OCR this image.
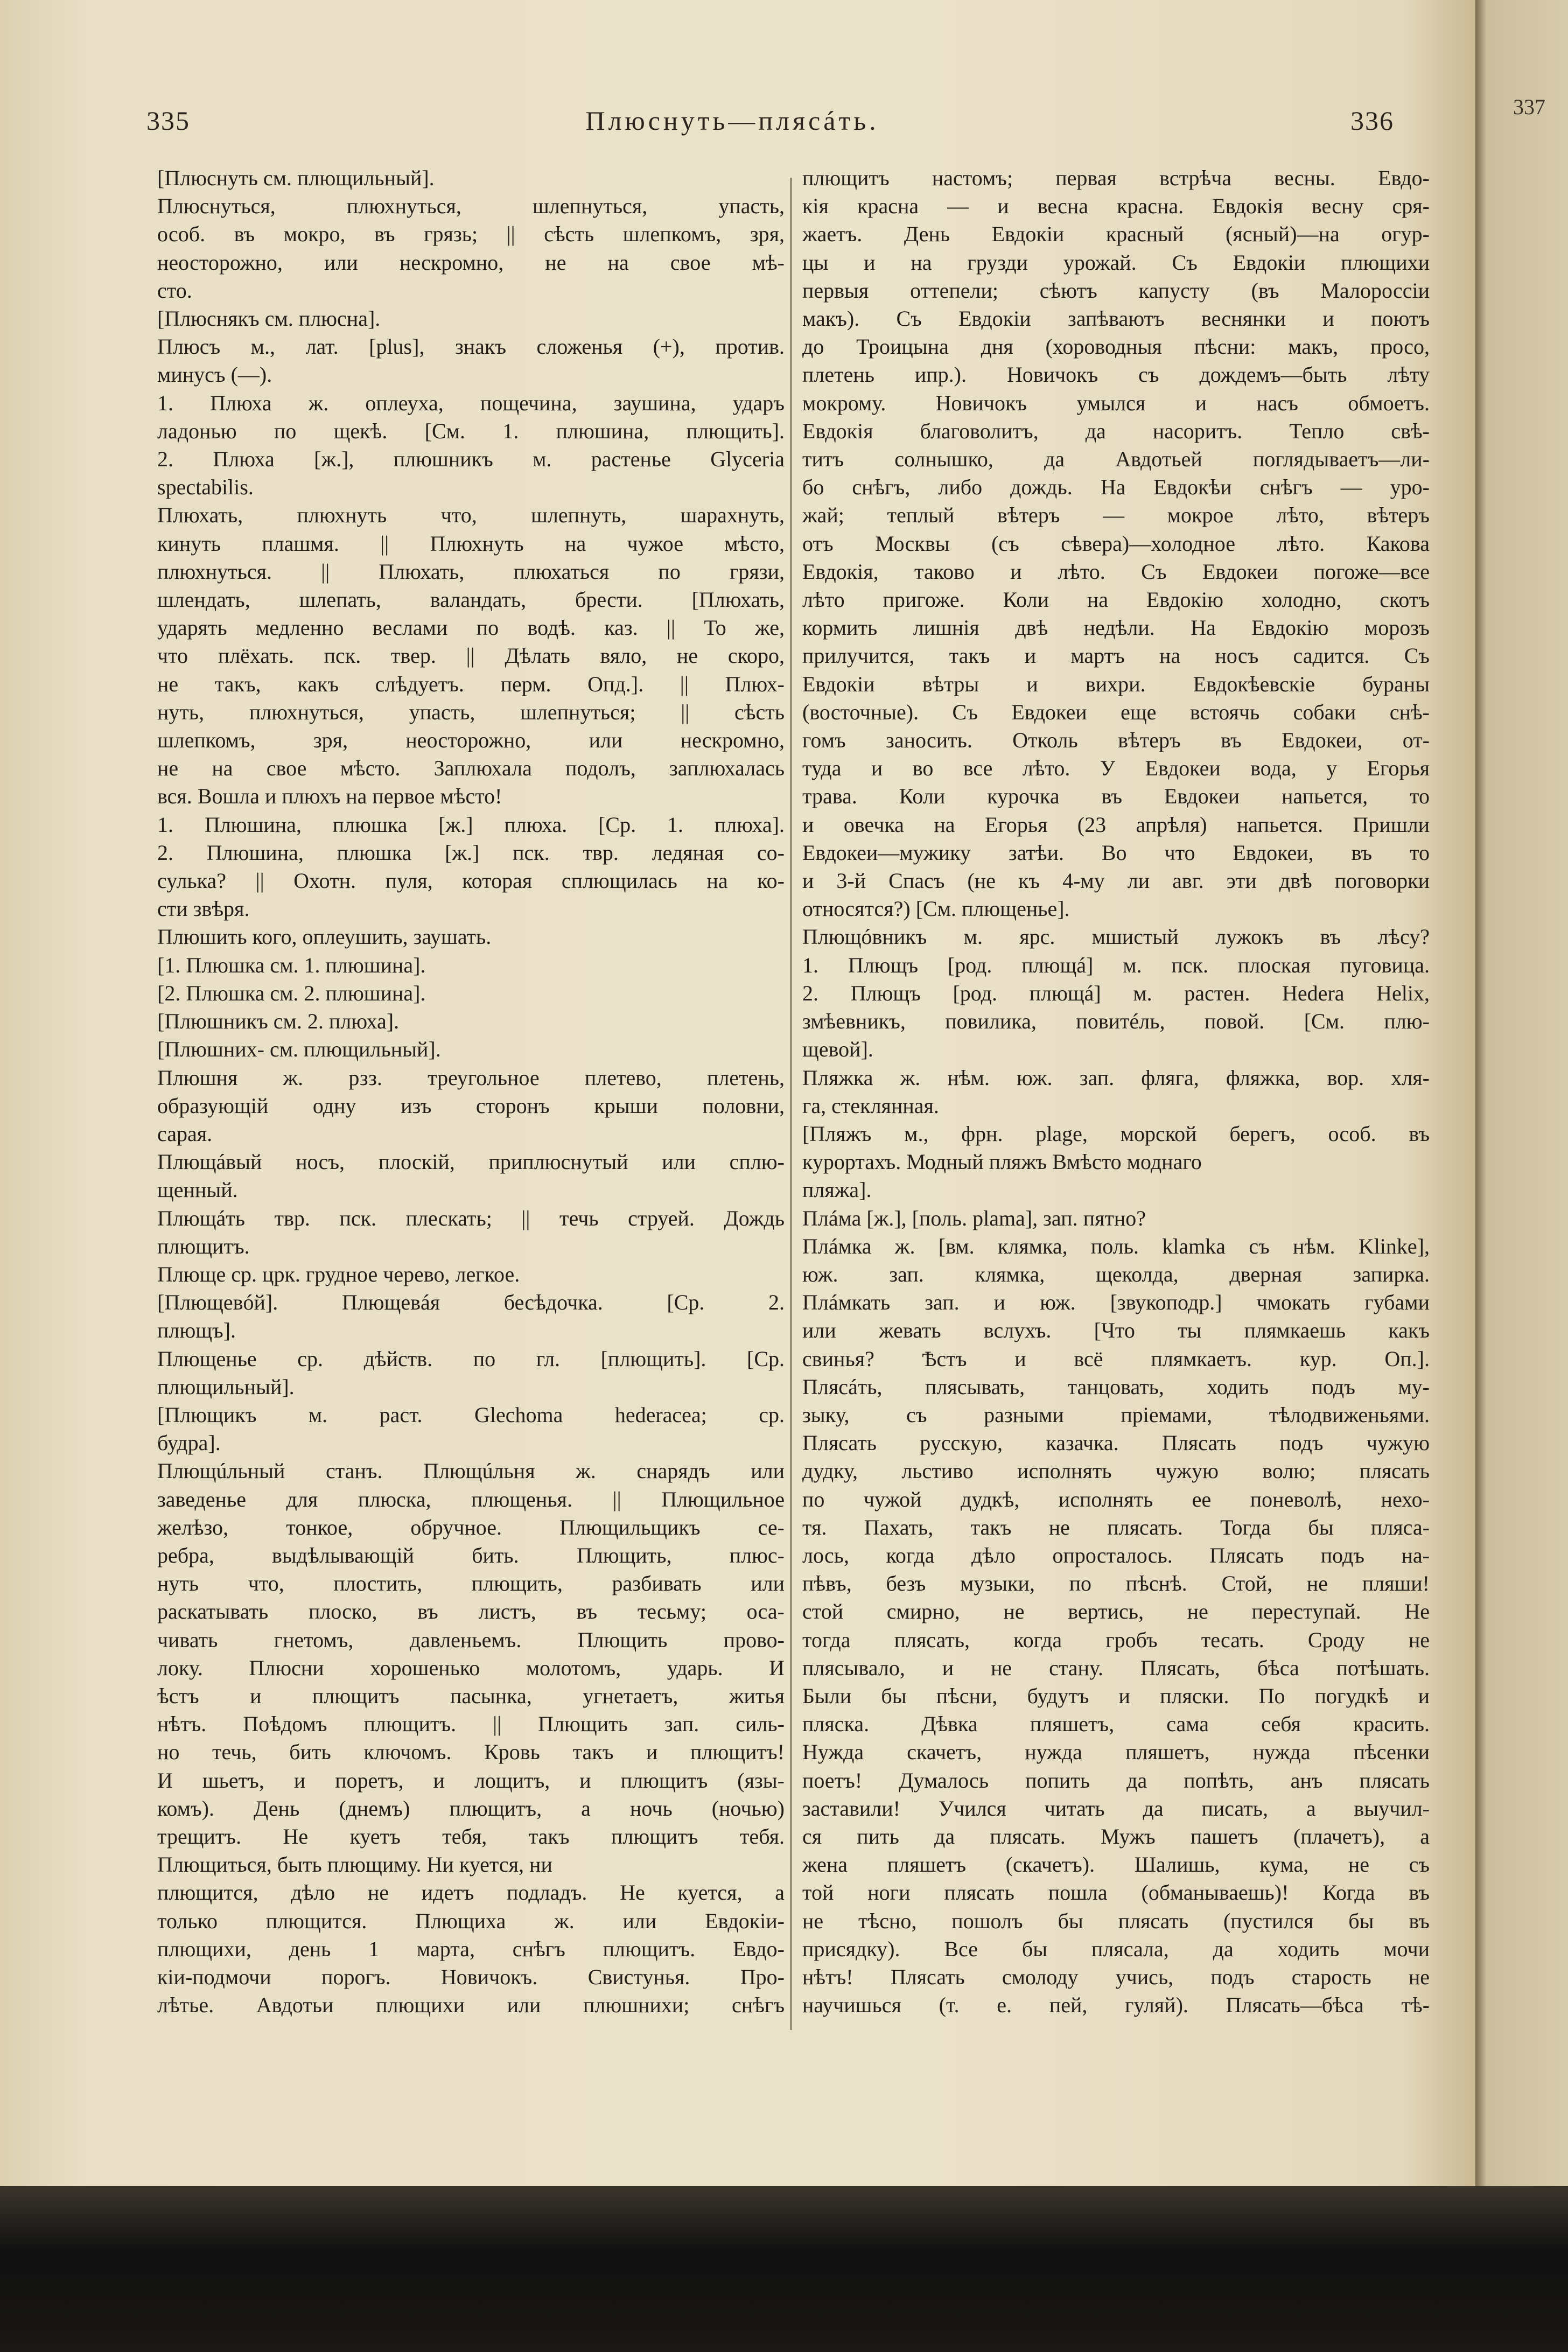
335	Плюснуть—плясáть.	336
[Плюснуть см. плющильный].
Плюснуться, плюхнуться, шлепнуться, упасть,
особ. въ мокро, въ грязь; || сѣсть шлепкомъ, зря,
неосторожно, или нескромно, не на свое мѣ-
сто.
[Плюснякъ см. плюсна].
Плюсъ м., лат. [plus], знакъ сложенья (+), против.
минусъ (—).
1. Плюха ж. оплеуха, пощечина, заушина, ударъ
ладонью по щекѣ. [См. 1. плюшина, плющить].
2. Плюха [ж.], плюшникъ м. растенье Glyceria
spectabilis.
Плюхать, плюхнуть что, шлепнуть, шарахнуть,
кинуть плашмя. || Плюхнуть на чужое мѣсто,
плюхнуться. || Плюхать, плюхаться по грязи,
шлендать, шлепать, валандать, брести. [Плюхать,
ударять медленно веслами по водѣ. каз. || То же,
что плёхать. пск. твер. || Дѣлать вяло, не скоро,
не такъ, какъ слѣдуетъ. перм. Опд.]. || Плюх-
нуть, плюхнуться, упасть, шлепнуться; || сѣсть
шлепкомъ, зря, неосторожно, или нескромно,
не на свое мѣсто. Заплюхала подолъ, заплюхалась
вся. Вошла и плюхъ на первое мѣсто!
1. Плюшина, плюшка [ж.] плюха. [Ср. 1. плюха].
2. Плюшина, плюшка [ж.] пск. твр. ледяная со-
сулька? || Охотн. пуля, которая сплющилась на ко-
сти звѣря.
Плюшить кого, оплеушить, заушать.
[1. Плюшка см. 1. плюшина].
[2. Плюшка см. 2. плюшина].
[Плюшникъ см. 2. плюха].
[Плюшних- см. плющильный].
Плюшня ж. рзз. треугольное плетево, плетень,
образующій одну изъ сторонъ крыши половни,
сарая.
Плющáвый носъ, плоскій, приплюснутый или сплю-
щенный.
Плющáть твр. пск. плескать; || течь струей. Дождь
плющитъ.
Плюще ср. црк. грудное черево, легкое.
[Плющевóй]. Плющевáя бесѣдочка. [Ср. 2.
плющъ].
Плющенье ср. дѣйств. по гл. [плющить]. [Ср.
плющильный].
[Плющикъ м. раст. Glechoma hederacea; ср.
будра].
Плющúльный станъ. Плющúльня ж. снарядъ или
заведенье для плюска, плющенья. || Плющильное
желѣзо, тонкое, обручное. Плющильщикъ се-
ребра, выдѣлывающій бить. Плющить, плюс-
нуть что, плостить, плющить, разбивать или
раскатывать плоско, въ листъ, въ тесьму; оса-
чивать гнетомъ, давленьемъ. Плющить прово-
локу. Плюсни хорошенько молотомъ, ударь. И
ѣстъ и плющитъ пасынка, угнетаетъ, житья
нѣтъ. Поѣдомъ плющитъ. || Плющить зап. силь-
но течь, бить ключомъ. Кровь такъ и плющитъ!
И шьетъ, и поретъ, и лощитъ, и плющитъ (язы-
комъ). День (днемъ) плющитъ, а ночь (ночью)
трещитъ. Не куетъ тебя, такъ плющитъ тебя.
Плющиться, быть плющиму. Ни куется, ни
плющится, дѣло не идетъ подладъ. Не куется, а
только плющится. Плющиха ж. или Евдокiи-
плющихи, день 1 марта, снѣгъ плющитъ. Евдо-
кiи-подмочи порогъ. Новичокъ. Свистунья. Про-
лѣтье. Авдотьи плющихи или плюшнихи; снѣгъ
плющитъ настомъ; первая встрѣча весны. Евдо-
кія красна — и весна красна. Евдокія весну сря-
жаетъ. День Евдокіи красный (ясный)—на огур-
цы и на грузди урожай. Съ Евдокіи плющихи
первыя оттепели; сѣютъ капусту (въ Малороссіи
макъ). Съ Евдокіи запѣваютъ веснянки и поютъ
до Троицына дня (хороводныя пѣсни: макъ, просо,
плетень ипр.). Новичокъ съ дождемъ—быть лѣту
мокрому. Новичокъ умылся и насъ обмоетъ.
Евдокія благоволитъ, да насоритъ. Тепло свѣ-
титъ солнышко, да Авдотьей поглядываетъ—ли-
бо снѣгъ, либо дождь. На Евдокѣи снѣгъ — уро-
жай; теплый вѣтеръ — мокрое лѣто, вѣтеръ
отъ Москвы (съ сѣвера)—холодное лѣто. Какова
Евдокія, таково и лѣто. Съ Евдокеи погоже—все
лѣто пригоже. Коли на Евдокію холодно, скотъ
кормить лишнія двѣ недѣли. На Евдокію морозъ
прилучится, такъ и мартъ на носъ садится. Съ
Евдокіи вѣтры и вихри. Евдокѣевскіе бураны
(восточные). Съ Евдокеи еще встоячь собаки снѣ-
гомъ заносить. Отколь вѣтеръ въ Евдокеи, от-
туда и во все лѣто. У Евдокеи вода, у Егорья
трава. Коли курочка въ Евдокеи напьется, то
и овечка на Егорья (23 апрѣля) напьется. Пришли
Евдокеи—мужику затѣи. Во что Евдокеи, въ то
и 3-й Спасъ (не къ 4-му ли авг. эти двѣ поговорки
относятся?) [См. плющенье].
Плющóвникъ м. ярс. мшистый лужокъ въ лѣсу?
1. Плющъ [род. плющá] м. пск. плоская пуговица.
2. Плющъ [род. плющá] м. растен. Hedera Helix,
змѣевникъ, повилика, повитéль, повой. [См. плю-
щевой].
Пляжка ж. нѣм. юж. зап. фляга, фляжка, вор. хля-
га, стеклянная.
[Пляжъ м., фрн. plage, морской берегъ, особ. въ
курортахъ. Модный пляжъ Вмѣсто моднаго
пляжа].
Плáма [ж.], [поль. plama], зап. пятно?
Плáмка ж. [вм. клямка, поль. klamka съ нѣм. Klinke],
юж. зап. клямка, щеколда, дверная запирка.
Плáмкать зап. и юж. [звукоподр.] чмокать губами
или жевать вслухъ. [Что ты плямкаешь какъ
свинья? Ѣстъ и всё плямкаетъ. кур. Оп.].
Плясáть, плясывать, танцовать, ходить подъ му-
зыку, съ разными пріемами, тѣлодвиженьями.
Плясать русскую, казачка. Плясать подъ чужую
дудку, льстиво исполнять чужую волю; плясать
по чужой дудкѣ, исполнять ее поневолѣ, нехо-
тя. Пахать, такъ не плясать. Тогда бы пляса-
лось, когда дѣло опросталось. Плясать подъ на-
пѣвъ, безъ музыки, по пѣснѣ. Стой, не пляши!
стой смирно, не вертись, не переступай. Не
тогда плясать, когда гробъ тесать. Сроду не
плясывало, и не стану. Плясать, бѣса потѣшать.
Были бы пѣсни, будутъ и пляски. По погудкѣ и
пляска. Дѣвка пляшетъ, сама себя красить.
Нужда скачетъ, нужда пляшетъ, нужда пѣсенки
поетъ! Думалось попить да попѣть, анъ плясать
заставили! Учился читать да писать, а выучил-
ся пить да плясать. Мужъ пашетъ (плачетъ), а
жена пляшетъ (скачетъ). Шалишь, кума, не съ
той ноги плясать пошла (обманываешь)! Когда въ
не тѣсно, пошолъ бы плясать (пустился бы въ
присядку). Все бы плясала, да ходить мочи
нѣтъ! Плясать смолоду учись, подъ старость не
научишься (т. е. пей, гуляй). Плясать—бѣса тѣ-
337
